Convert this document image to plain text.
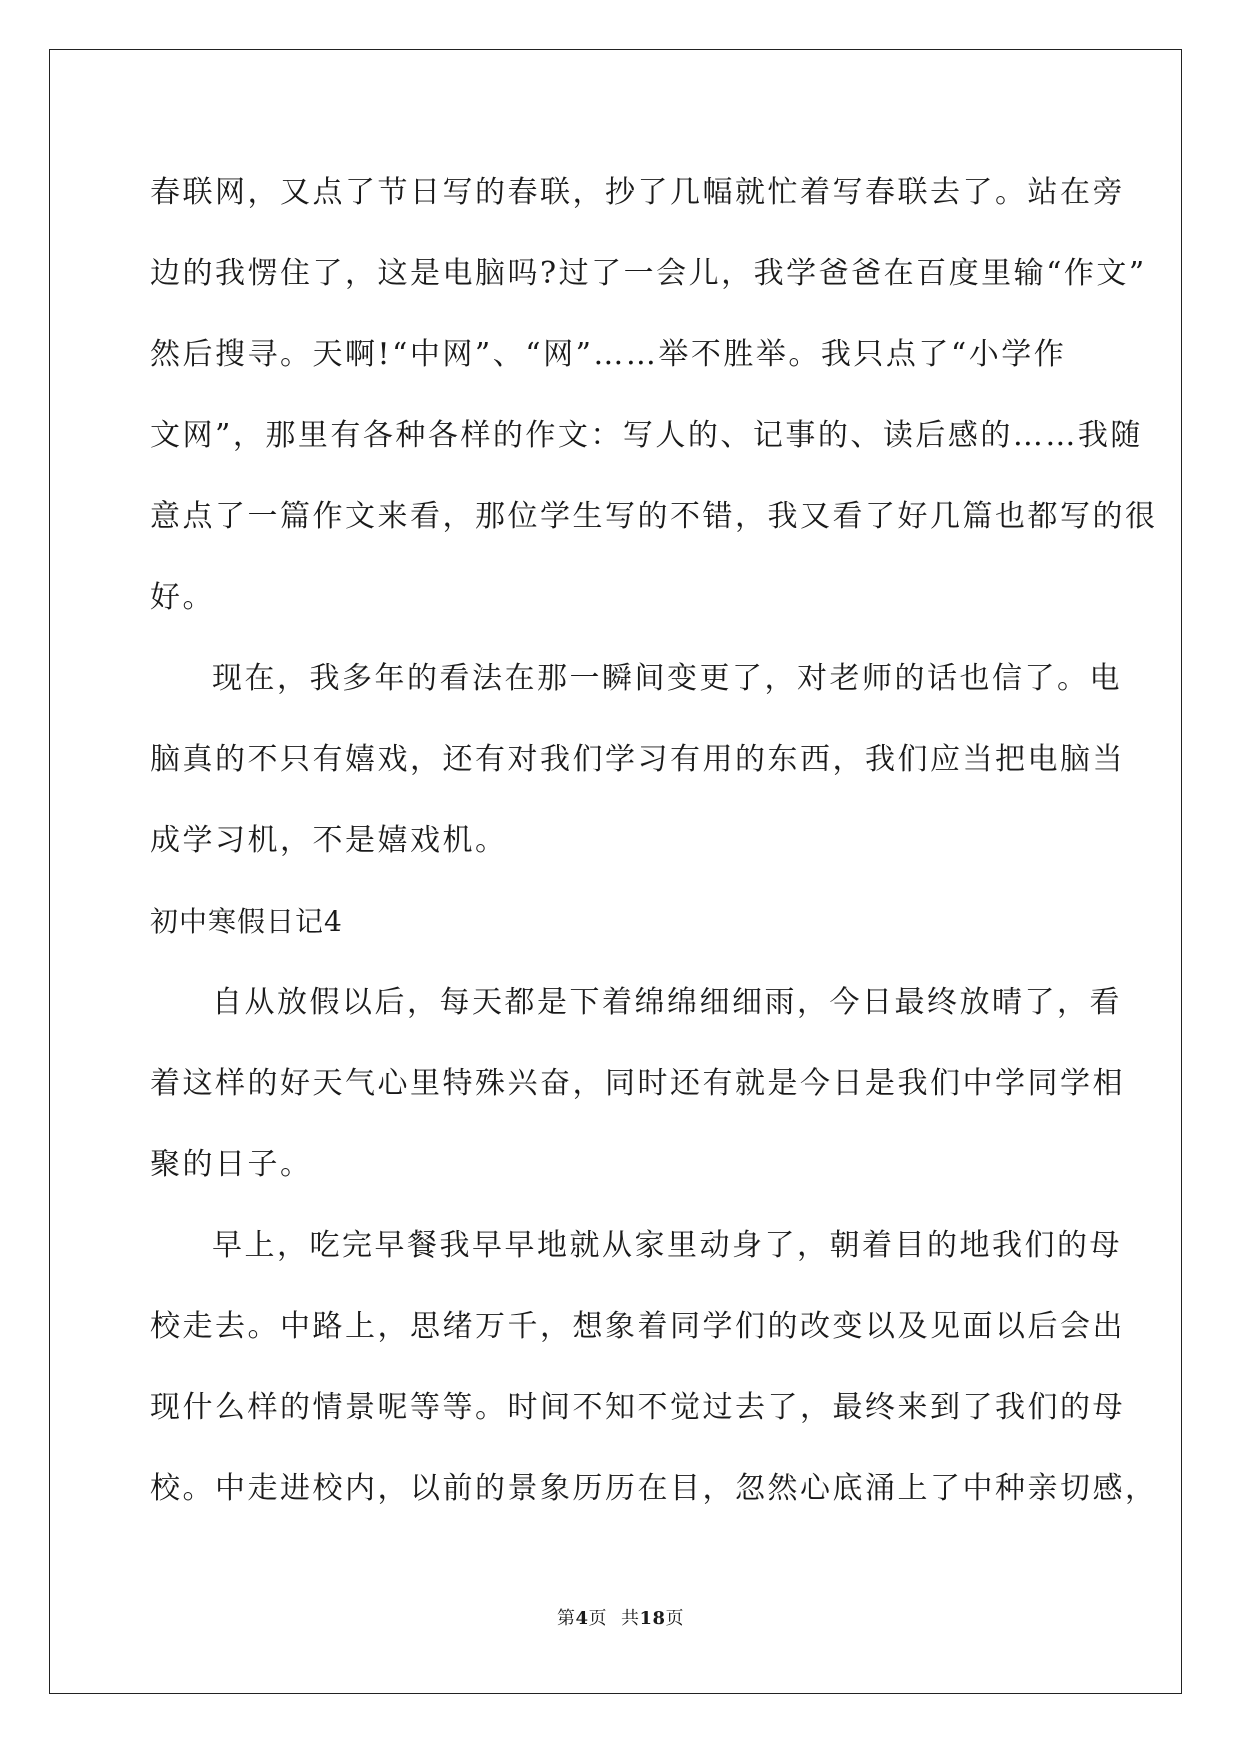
春联网，又点了节日写的春联，抄了几幅就忙着写春联去了。站在旁
边的我愣住了，这是电脑吗?过了一会儿，我学爸爸在百度里输“作文”
然后搜寻。天啊!“中网”、“网”……举不胜举。我只点了“小学作
文网”，那里有各种各样的作文：写人的、记事的、读后感的……我随
意点了一篇作文来看，那位学生写的不错，我又看了好几篇也都写的很
好。
现在，我多年的看法在那一瞬间变更了，对老师的话也信了。电
脑真的不只有嬉戏，还有对我们学习有用的东西，我们应当把电脑当
成学习机，不是嬉戏机。
初中寒假日记4
自从放假以后，每天都是下着绵绵细细雨，今日最终放晴了，看
着这样的好天气心里特殊兴奋，同时还有就是今日是我们中学同学相
聚的日子。
早上，吃完早餐我早早地就从家里动身了，朝着目的地我们的母
校走去。中路上，思绪万千，想象着同学们的改变以及见面以后会出
现什么样的情景呢等等。时间不知不觉过去了，最终来到了我们的母
校。中走进校内，以前的景象历历在目，忽然心底涌上了中种亲切感，
第4页 共18页
